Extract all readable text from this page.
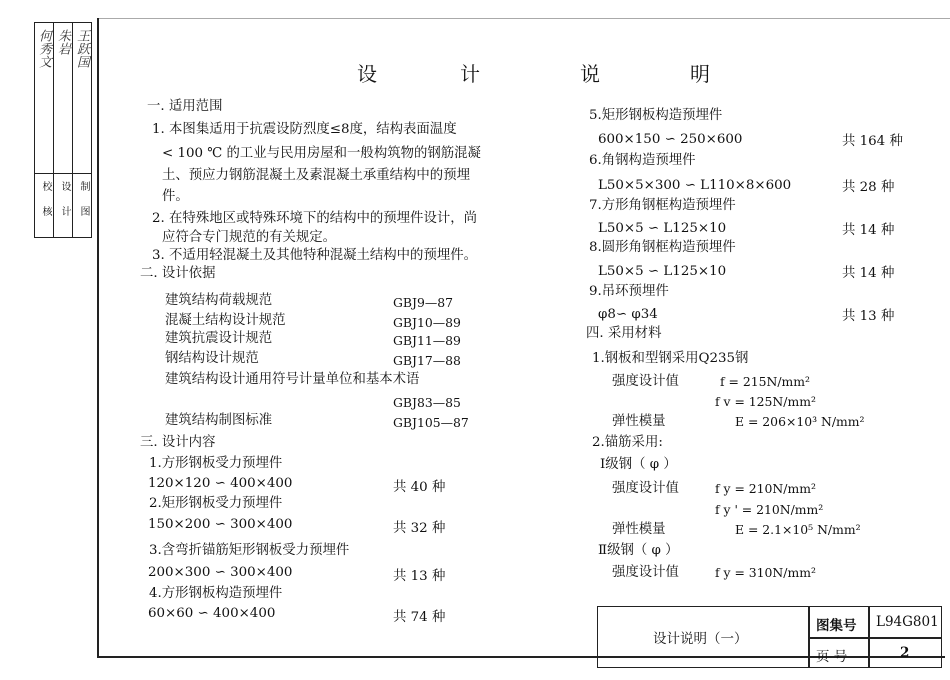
何秀文 朱岩 王跃国
校 核 设 计 制 图
设	计	说	明
一. 适用范围
1. 本图集适用于抗震设防烈度≤8度，结构表面温度
< 100 ℃ 的工业与民用房屋和一般构筑物的钢筋混凝
土、预应力钢筋混凝土及素混凝土承重结构中的预埋
件。
2. 在特殊地区或特殊环境下的结构中的预埋件设计，尚
应符合专门规范的有关规定。
3. 不适用轻混凝土及其他特种混凝土结构中的预埋件。
二. 设计依据
建筑结构荷载规范	GBJ9—87
混凝土结构设计规范	GBJ10—89
建筑抗震设计规范	GBJ11—89
钢结构设计规范	GBJ17—88
建筑结构设计通用符号计量单位和基本术语
GBJ83—85
建筑结构制图标准	GBJ105—87
三. 设计内容
1.方形钢板受力预埋件
120×120 ∽ 400×400	共 40 种
2.矩形钢板受力预埋件
150×200 ∽ 300×400	共 32 种
3.含弯折锚筋矩形钢板受力预埋件
200×300 ∽ 300×400	共 13 种
4.方形钢板构造预埋件
60×60 ∽ 400×400	共 74 种
5.矩形钢板构造预埋件
600×150 ∽ 250×600	共 164 种
6.角钢构造预埋件
L50×5×300 ∽ L110×8×600	共 28 种
7.方形角钢框构造预埋件
L50×5 ∽ L125×10	共 14 种
8.圆形角钢框构造预埋件
L50×5 ∽ L125×10	共 14 种
9.吊环预埋件
φ8∽ φ34	共 13 种
四. 采用材料
1.钢板和型钢采用Q235钢
强度设计值	f = 215N/mm²
f v = 125N/mm²
弹性模量	E = 206×10³ N/mm²
2.锚筋采用:
Ⅰ级钢（ φ ）
强度设计值	f y = 210N/mm²
f y ' = 210N/mm²
弹性模量	E = 2.1×10⁵ N/mm²
Ⅱ级钢（ φ ）
强度设计值	f y = 310N/mm²
设计说明（一）
图集号 L94G801
页 号	2
